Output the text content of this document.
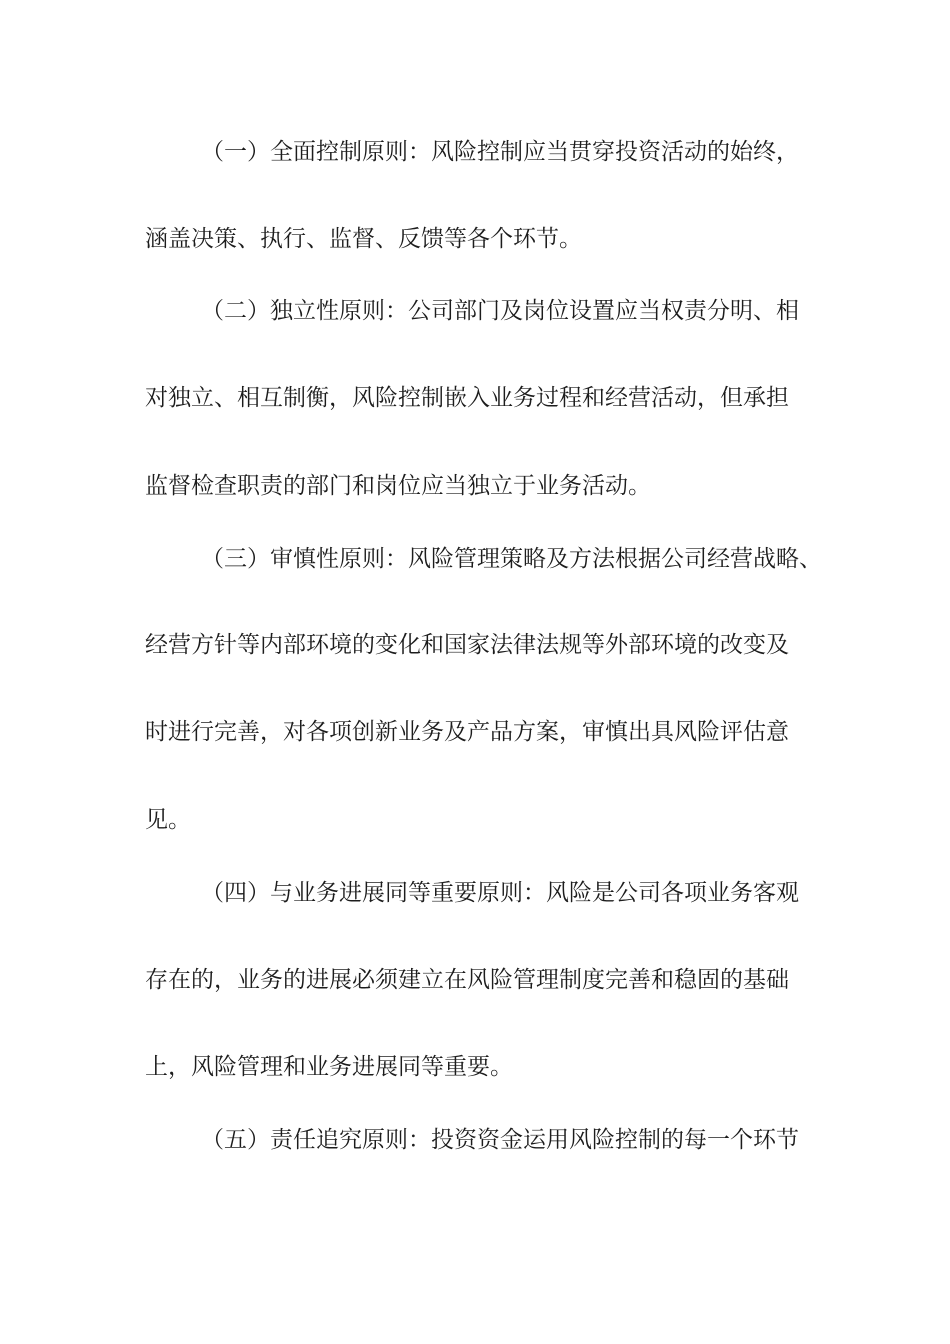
（一）全面控制原则：风险控制应当贯穿投资活动的始终，
涵盖决策、执行、监督、反馈等各个环节。
（二）独立性原则：公司部门及岗位设置应当权责分明、相
对独立、相互制衡，风险控制嵌入业务过程和经营活动，但承担
监督检查职责的部门和岗位应当独立于业务活动。
（三）审慎性原则：风险管理策略及方法根据公司经营战略、
经营方针等内部环境的变化和国家法律法规等外部环境的改变及
时进行完善，对各项创新业务及产品方案，审慎出具风险评估意
见。
（四）与业务进展同等重要原则：风险是公司各项业务客观
存在的，业务的进展必须建立在风险管理制度完善和稳固的基础
上，风险管理和业务进展同等重要。
（五）责任追究原则：投资资金运用风险控制的每一个环节
